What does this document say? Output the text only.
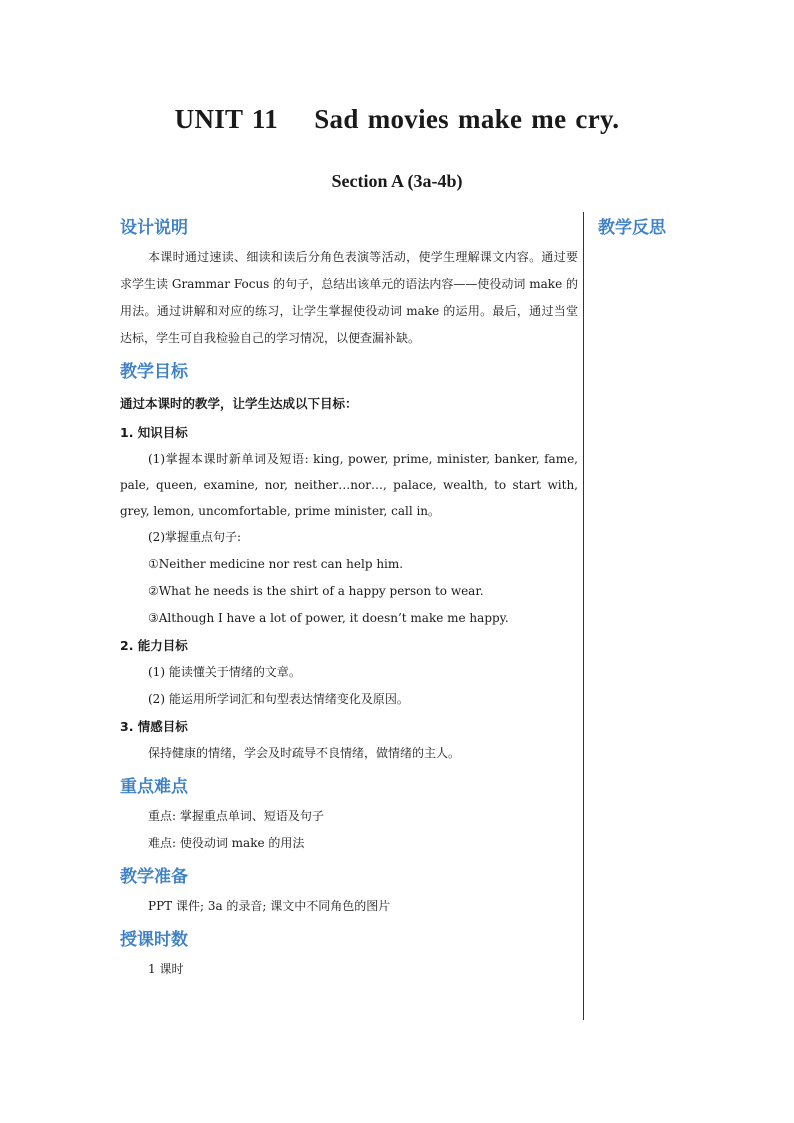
UNIT 11    Sad movies make me cry.
Section A (3a-4b)

设计说明

本课时通过速读、细读和读后分角色表演等活动，使学生理解课文内容。通过要求学生读 Grammar Focus 的句子，总结出该单元的语法内容——使役动词 make 的用法。通过讲解和对应的练习，让学生掌握使役动词 make 的运用。最后，通过当堂达标，学生可自我检验自己的学习情况，以便查漏补缺。

教学目标

通过本课时的教学，让学生达成以下目标：

1. 知识目标

(1)掌握本课时新单词及短语: king, power, prime, minister, banker, fame, pale, queen, examine, nor, neither…nor…, palace, wealth, to start with, grey, lemon, uncomfortable, prime minister, call in。

(2)掌握重点句子:

①Neither medicine nor rest can help him.

②What he needs is the shirt of a happy person to wear.

③Although I have a lot of power, it doesn’t make me happy.

2. 能力目标

(1) 能读懂关于情绪的文章。

(2) 能运用所学词汇和句型表达情绪变化及原因。

3. 情感目标

保持健康的情绪，学会及时疏导不良情绪，做情绪的主人。

重点难点

重点: 掌握重点单词、短语及句子

难点: 使役动词 make 的用法

教学准备

PPT 课件; 3a 的录音; 课文中不同角色的图片

授课时数

1 课时

教学反思
